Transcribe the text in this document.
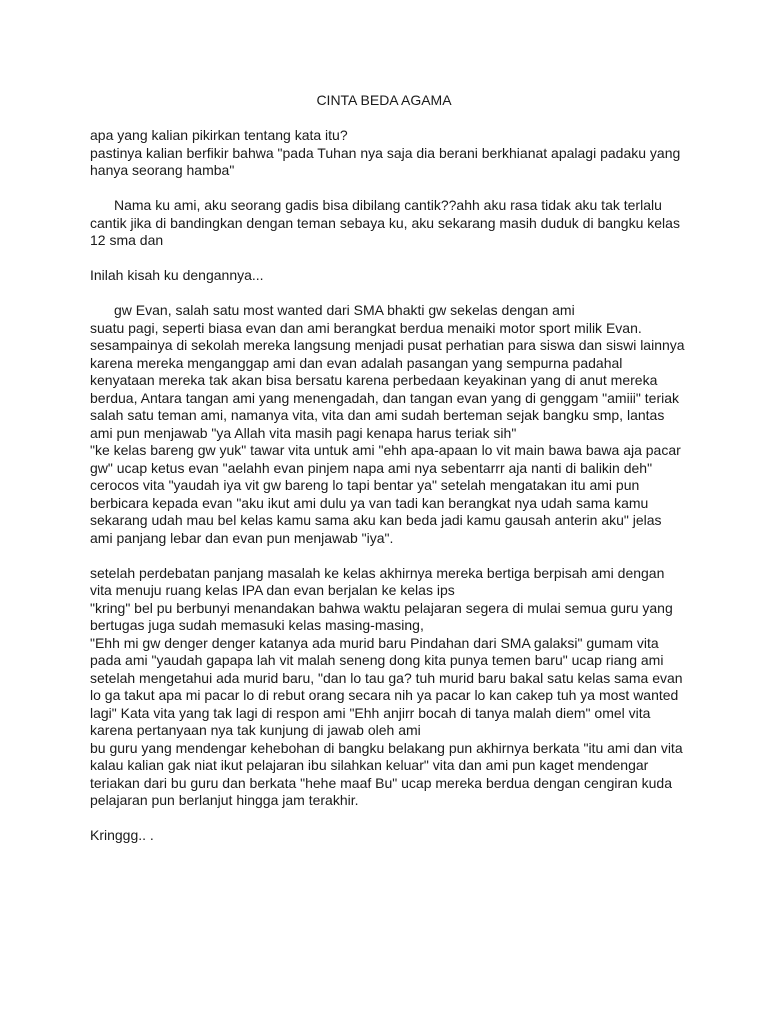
CINTA BEDA AGAMA
apa yang kalian pikirkan tentang kata itu?
pastinya kalian berfikir bahwa "pada Tuhan nya saja dia berani berkhianat apalagi padaku yang
hanya seorang hamba"
Nama ku ami, aku seorang gadis bisa dibilang cantik??ahh aku rasa tidak aku tak terlalu
cantik jika di bandingkan dengan teman sebaya ku, aku sekarang masih duduk di bangku kelas
12 sma dan
Inilah kisah ku dengannya...
gw Evan, salah satu most wanted dari SMA bhakti gw sekelas dengan ami
suatu pagi, seperti biasa evan dan ami berangkat berdua menaiki motor sport milik Evan.
sesampainya di sekolah mereka langsung menjadi pusat perhatian para siswa dan siswi lainnya
karena mereka menganggap ami dan evan adalah pasangan yang sempurna padahal
kenyataan mereka tak akan bisa bersatu karena perbedaan keyakinan yang di anut mereka
berdua, Antara tangan ami yang menengadah, dan tangan evan yang di genggam "amiii" teriak
salah satu teman ami, namanya vita, vita dan ami sudah berteman sejak bangku smp, lantas
ami pun menjawab "ya Allah vita masih pagi kenapa harus teriak sih"
"ke kelas bareng gw yuk" tawar vita untuk ami "ehh apa-apaan lo vit main bawa bawa aja pacar
gw" ucap ketus evan "aelahh evan pinjem napa ami nya sebentarrr aja nanti di balikin deh"
cerocos vita "yaudah iya vit gw bareng lo tapi bentar ya" setelah mengatakan itu ami pun
berbicara kepada evan "aku ikut ami dulu ya van tadi kan berangkat nya udah sama kamu
sekarang udah mau bel kelas kamu sama aku kan beda jadi kamu gausah anterin aku" jelas
ami panjang lebar dan evan pun menjawab "iya".
setelah perdebatan panjang masalah ke kelas akhirnya mereka bertiga berpisah ami dengan
vita menuju ruang kelas IPA dan evan berjalan ke kelas ips
"kring" bel pu berbunyi menandakan bahwa waktu pelajaran segera di mulai semua guru yang
bertugas juga sudah memasuki kelas masing-masing,
"Ehh mi gw denger denger katanya ada murid baru Pindahan dari SMA galaksi" gumam vita
pada ami "yaudah gapapa lah vit malah seneng dong kita punya temen baru" ucap riang ami
setelah mengetahui ada murid baru, "dan lo tau ga? tuh murid baru bakal satu kelas sama evan
lo ga takut apa mi pacar lo di rebut orang secara nih ya pacar lo kan cakep tuh ya most wanted
lagi" Kata vita yang tak lagi di respon ami "Ehh anjirr bocah di tanya malah diem" omel vita
karena pertanyaan nya tak kunjung di jawab oleh ami
bu guru yang mendengar kehebohan di bangku belakang pun akhirnya berkata "itu ami dan vita
kalau kalian gak niat ikut pelajaran ibu silahkan keluar" vita dan ami pun kaget mendengar
teriakan dari bu guru dan berkata "hehe maaf Bu" ucap mereka berdua dengan cengiran kuda
pelajaran pun berlanjut hingga jam terakhir.
Kringgg.. .
